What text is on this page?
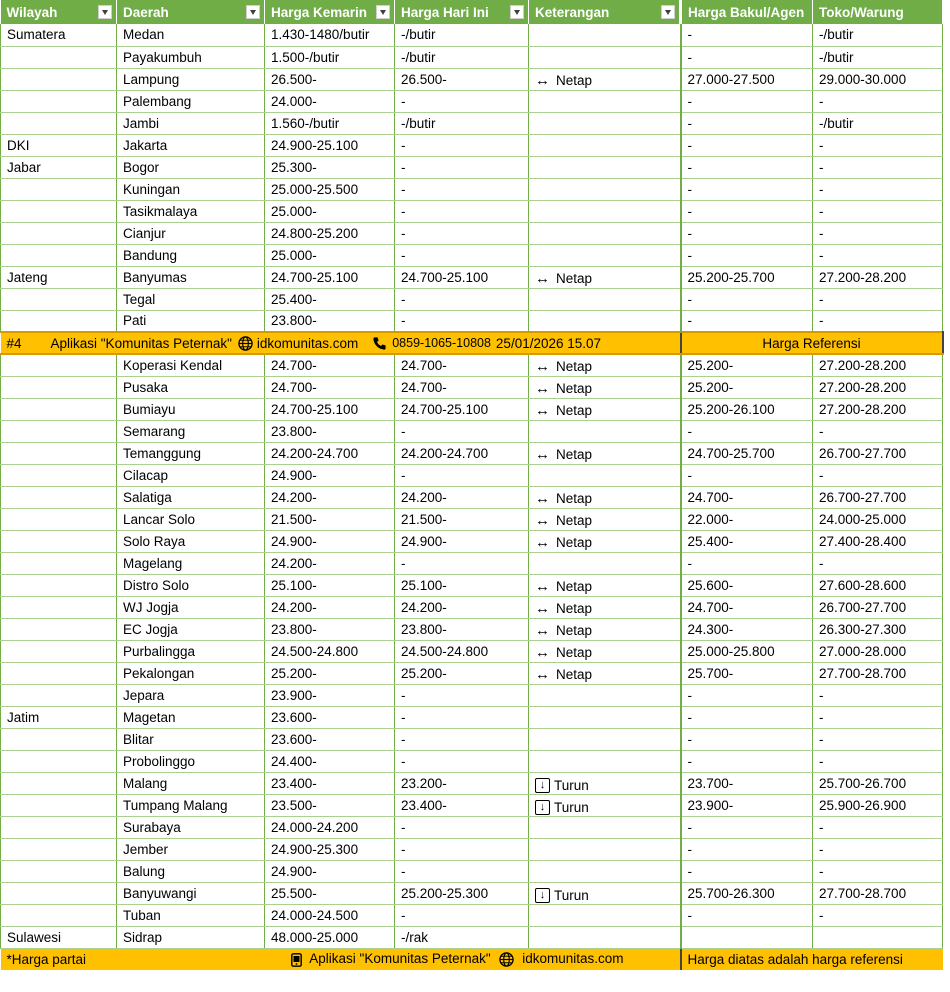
Wilayah	Daerah	Harga Kemarin	Harga Hari Ini	Keterangan	Harga Bakul/Agen	Toko/Warung
Sumatera	Medan	1.430-1480/butir	-/butir		-	-/butir
	Payakumbuh	1.500-/butir	-/butir		-	-/butir
	Lampung	26.500-	26.500-	↔ Netap	27.000-27.500	29.000-30.000
	Palembang	24.000-	-		-	-
	Jambi	1.560-/butir	-/butir		-	-/butir
DKI	Jakarta	24.900-25.100	-		-	-
Jabar	Bogor	25.300-	-		-	-
	Kuningan	25.000-25.500	-		-	-
	Tasikmalaya	25.000-	-		-	-
	Cianjur	24.800-25.200	-		-	-
	Bandung	25.000-	-		-	-
Jateng	Banyumas	24.700-25.100	24.700-25.100	↔ Netap	25.200-25.700	27.200-28.200
	Tegal	25.400-	-		-	-
	Pati	23.800-	-		-	-

#4 Aplikasi "Komunitas Peternak" idkomunitas.com 0859-1065-10808 25/01/2026 15.07					Harga Referensi	
	Koperasi Kendal	24.700-	24.700-	↔ Netap	25.200-	27.200-28.200
	Pusaka	24.700-	24.700-	↔ Netap	25.200-	27.200-28.200
	Bumiayu	24.700-25.100	24.700-25.100	↔ Netap	25.200-26.100	27.200-28.200
	Semarang	23.800-	-		-	-
	Temanggung	24.200-24.700	24.200-24.700	↔ Netap	24.700-25.700	26.700-27.700
	Cilacap	24.900-	-		-	-
	Salatiga	24.200-	24.200-	↔ Netap	24.700-	26.700-27.700
	Lancar Solo	21.500-	21.500-	↔ Netap	22.000-	24.000-25.000
	Solo Raya	24.900-	24.900-	↔ Netap	25.400-	27.400-28.400
	Magelang	24.200-	-		-	-
	Distro Solo	25.100-	25.100-	↔ Netap	25.600-	27.600-28.600
	WJ Jogja	24.200-	24.200-	↔ Netap	24.700-	26.700-27.700
	EC Jogja	23.800-	23.800-	↔ Netap	24.300-	26.300-27.300
	Purbalingga	24.500-24.800	24.500-24.800	↔ Netap	25.000-25.800	27.000-28.000
	Pekalongan	25.200-	25.200-	↔ Netap	25.700-	27.700-28.700
	Jepara	23.900-	-		-	-
Jatim	Magetan	23.600-	-		-	-
	Blitar	23.600-	-		-	-
	Probolinggo	24.400-	-		-	-
	Malang	23.400-	23.200-	↓ Turun	23.700-	25.700-26.700
	Tumpang Malang	23.500-	23.400-	↓ Turun	23.900-	25.900-26.900
	Surabaya	24.000-24.200	-		-	-
	Jember	24.900-25.300	-		-	-
	Balung	24.900-	-		-	-
	Banyuwangi	25.500-	25.200-25.300	↓ Turun	25.700-26.300	27.700-28.700
	Tuban	24.000-24.500	-		-	-
Sulawesi	Sidrap	48.000-25.000	-/rak			
*Harga partai		Aplikasi "Komunitas Peternak" idkomunitas.com			Harga diatas adalah harga referensi	
